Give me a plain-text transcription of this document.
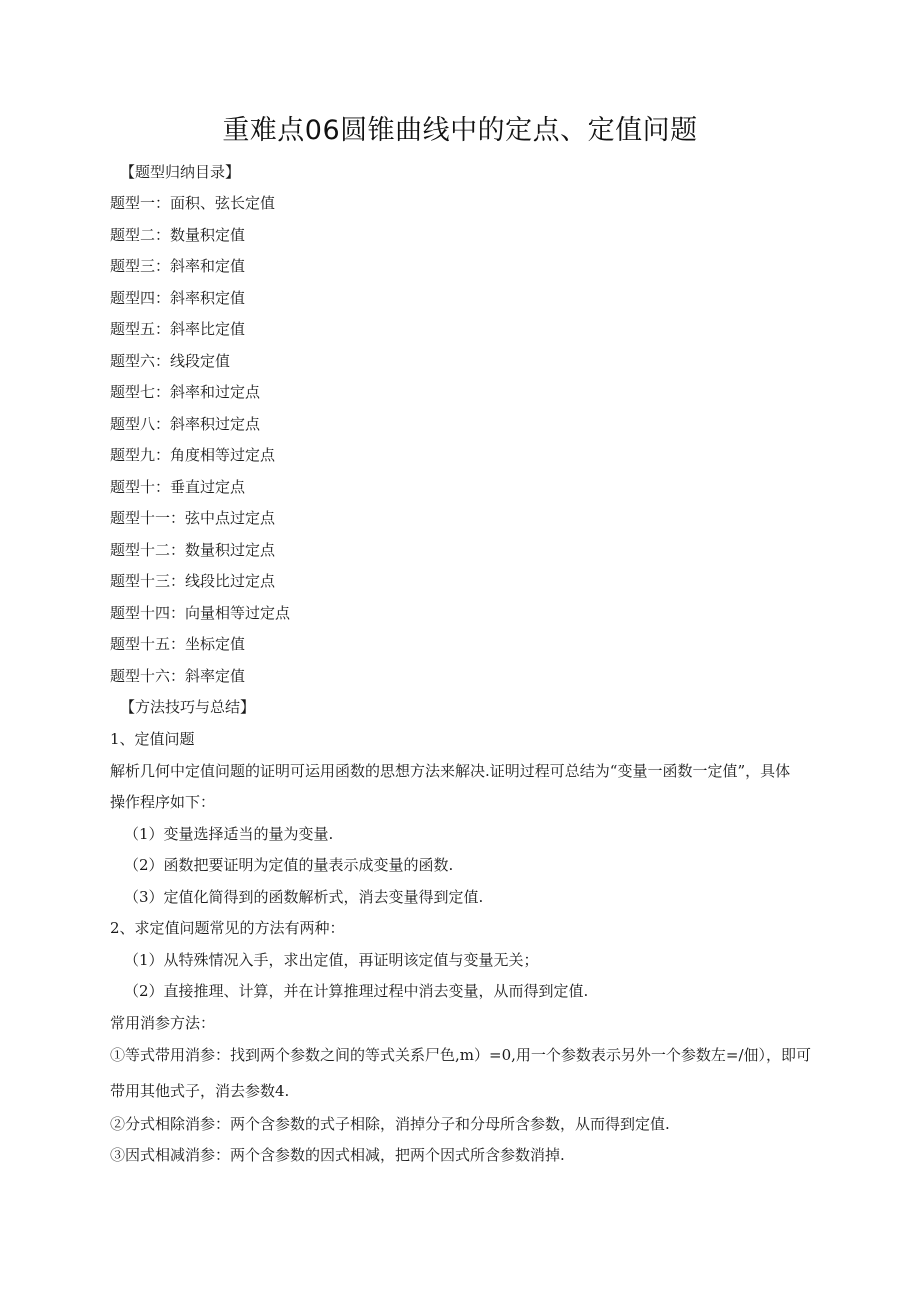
重难点06圆锥曲线中的定点、定值问题
【题型归纳目录】
题型一：面积、弦长定值
题型二：数量积定值
题型三：斜率和定值
题型四：斜率积定值
题型五：斜率比定值
题型六：线段定值
题型七：斜率和过定点
题型八：斜率积过定点
题型九：角度相等过定点
题型十：垂直过定点
题型十一：弦中点过定点
题型十二：数量积过定点
题型十三：线段比过定点
题型十四：向量相等过定点
题型十五：坐标定值
题型十六：斜率定值
【方法技巧与总结】
1、定值问题
解析几何中定值问题的证明可运用函数的思想方法来解决.证明过程可总结为“变量一函数一定值”，具体
操作程序如下：
（1）变量选择适当的量为变量.
（2）函数把要证明为定值的量表示成变量的函数.
（3）定值化简得到的函数解析式，消去变量得到定值.
2、求定值问题常见的方法有两种：
（1）从特殊情况入手，求出定值，再证明该定值与变量无关；
（2）直接推理、计算，并在计算推理过程中消去变量，从而得到定值.
常用消参方法：
①等式带用消参：找到两个参数之间的等式关系尸色,m）=0,用一个参数表示另外一个参数左=/佃），即可
带用其他式子，消去参数4.
②分式相除消参：两个含参数的式子相除，消掉分子和分母所含参数，从而得到定值.
③因式相减消参：两个含参数的因式相减，把两个因式所含参数消掉.
